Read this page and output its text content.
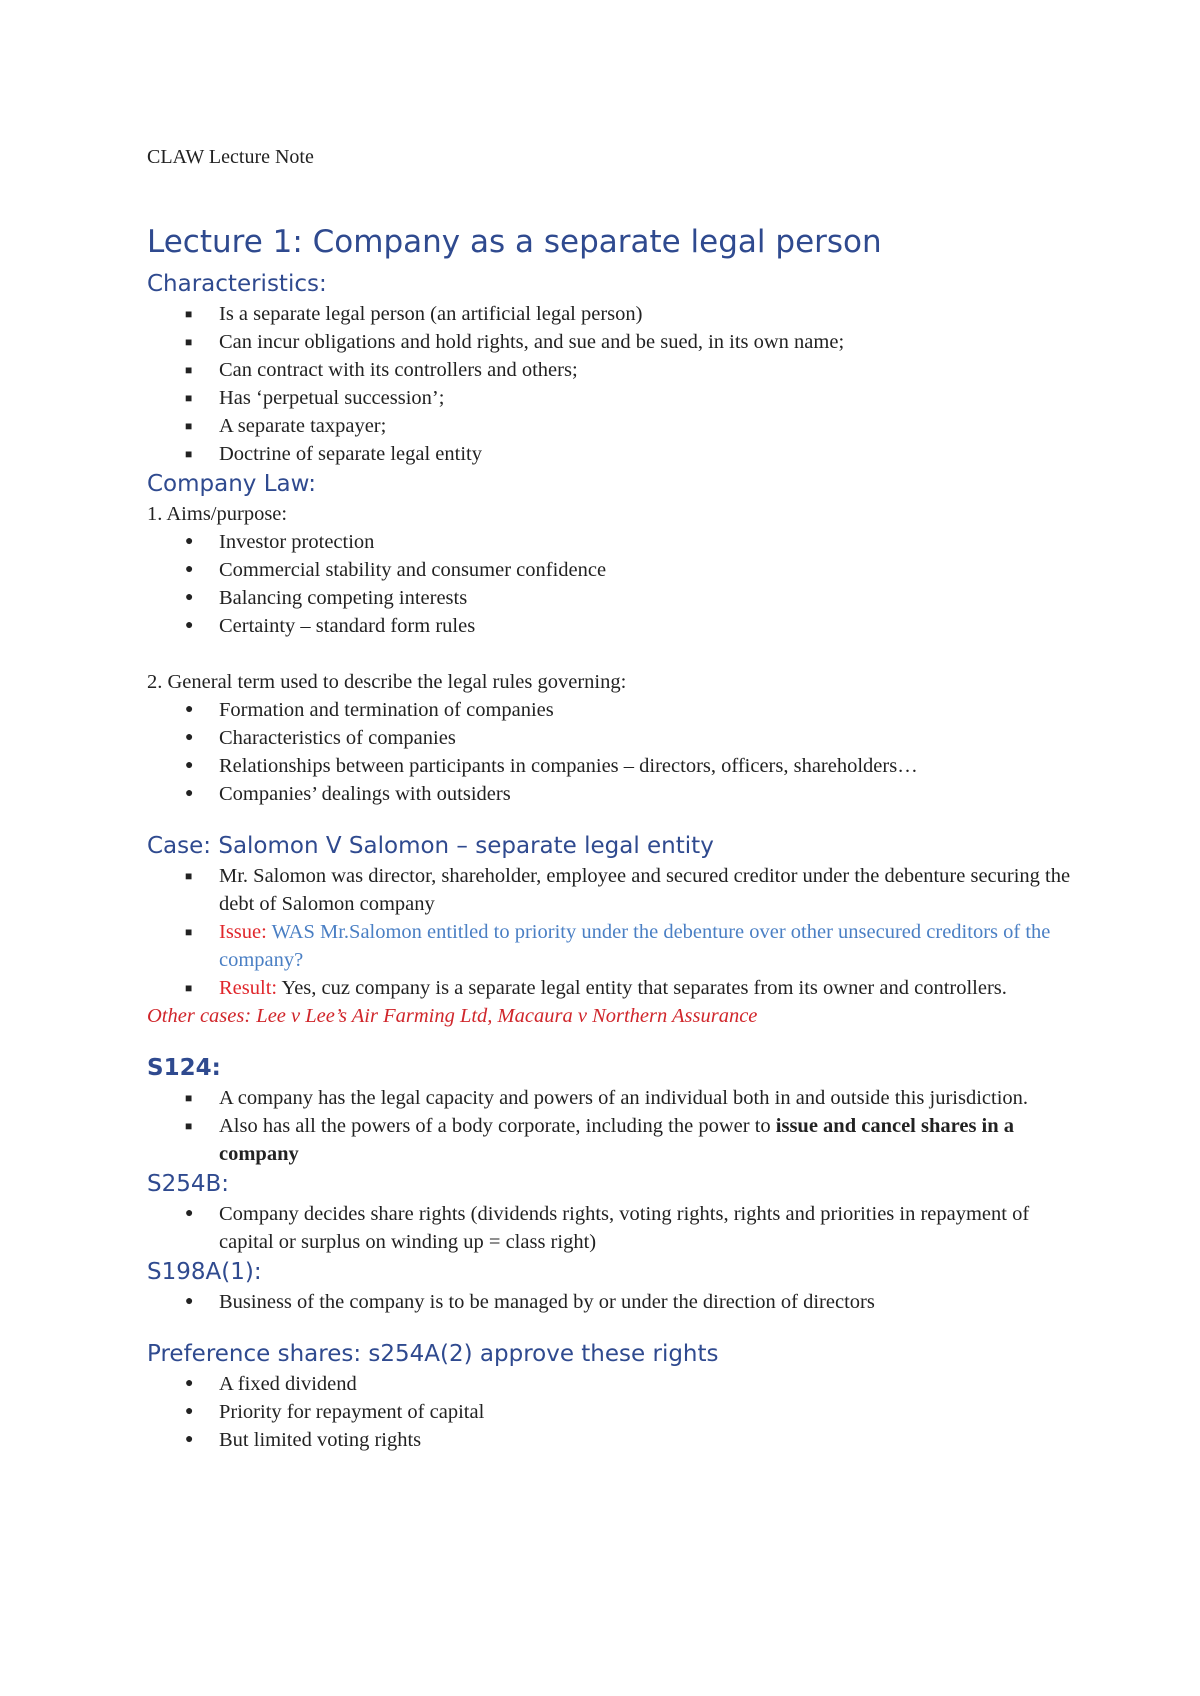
CLAW Lecture Note
Lecture 1: Company as a separate legal person
Characteristics:
■ Is a separate legal person (an artificial legal person)
■ Can incur obligations and hold rights, and sue and be sued, in its own name;
■ Can contract with its controllers and others;
■ Has ‘perpetual succession’;
■ A separate taxpayer;
■ Doctrine of separate legal entity
Company Law:

1. Aims/purpose:

● Investor protection
● Commercial stability and consumer confidence
● Balancing competing interests
● Certainty – standard form rules

2. General term used to describe the legal rules governing:

● Formation and termination of companies
● Characteristics of companies
● Relationships between participants in companies – directors, officers, shareholders…
● Companies’ dealings with outsiders
Case: Salomon V Salomon – separate legal entity
■ Mr. Salomon was director, shareholder, employee and secured creditor under the debenture securing the debt of Salomon company
■ Issue: WAS Mr.Salomon entitled to priority under the debenture over other unsecured creditors of the company?
■ Result: Yes, cuz company is a separate legal entity that separates from its owner and controllers.

Other cases: Lee v Lee’s Air Farming Ltd, Macaura v Northern Assurance

S124:
■ A company has the legal capacity and powers of an individual both in and outside this jurisdiction.
■ Also has all the powers of a body corporate, including the power to issue and cancel shares in a company
S254B:
● Company decides share rights (dividends rights, voting rights, rights and priorities in repayment of capital or surplus on winding up = class right)
S198A(1):
● Business of the company is to be managed by or under the direction of directors
Preference shares: s254A(2) approve these rights
● A fixed dividend
● Priority for repayment of capital
● But limited voting rights
